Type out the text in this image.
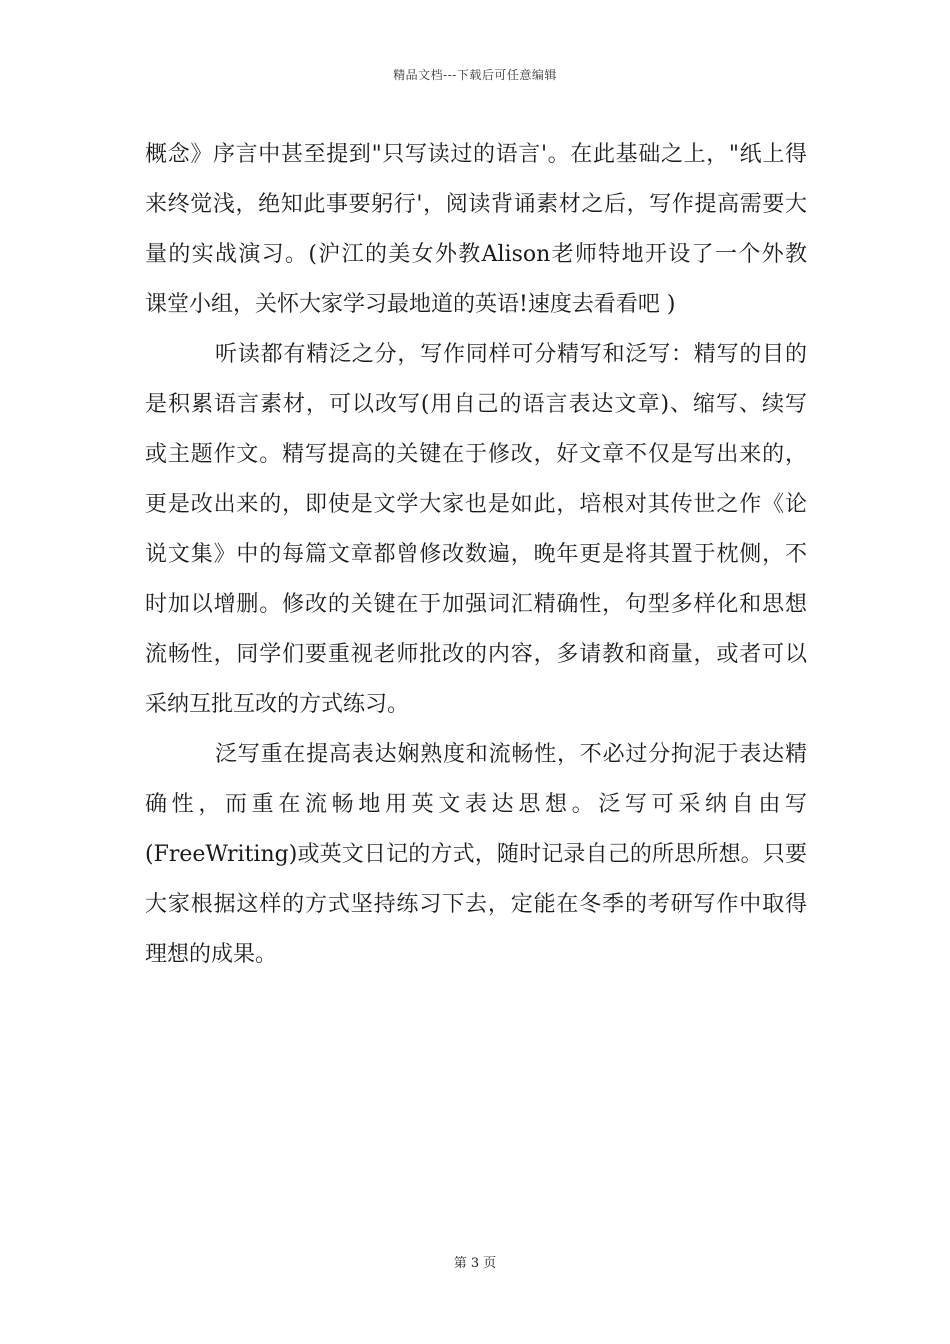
精品文档---下载后可任意编辑
概念》序言中甚至提到"只写读过的语言'。在此基础之上，"纸上得
来终觉浅，绝知此事要躬行'，阅读背诵素材之后，写作提高需要大
量的实战演习。(沪江的美女外教Alison老师特地开设了一个外教
课堂小组，关怀大家学习最地道的英语!速度去看看吧 )
听读都有精泛之分，写作同样可分精写和泛写：精写的目的
是积累语言素材，可以改写(用自己的语言表达文章)、缩写、续写
或主题作文。精写提高的关键在于修改，好文章不仅是写出来的，
更是改出来的，即使是文学大家也是如此，培根对其传世之作《论
说文集》中的每篇文章都曾修改数遍，晚年更是将其置于枕侧，不
时加以增删。修改的关键在于加强词汇精确性，句型多样化和思想
流畅性，同学们要重视老师批改的内容，多请教和商量，或者可以
采纳互批互改的方式练习。
泛写重在提高表达娴熟度和流畅性，不必过分拘泥于表达精
确性，而重在流畅地用英文表达思想。泛写可采纳自由写
(FreeWriting)或英文日记的方式，随时记录自己的所思所想。只要
大家根据这样的方式坚持练习下去，定能在冬季的考研写作中取得
理想的成果。
第 3 页
